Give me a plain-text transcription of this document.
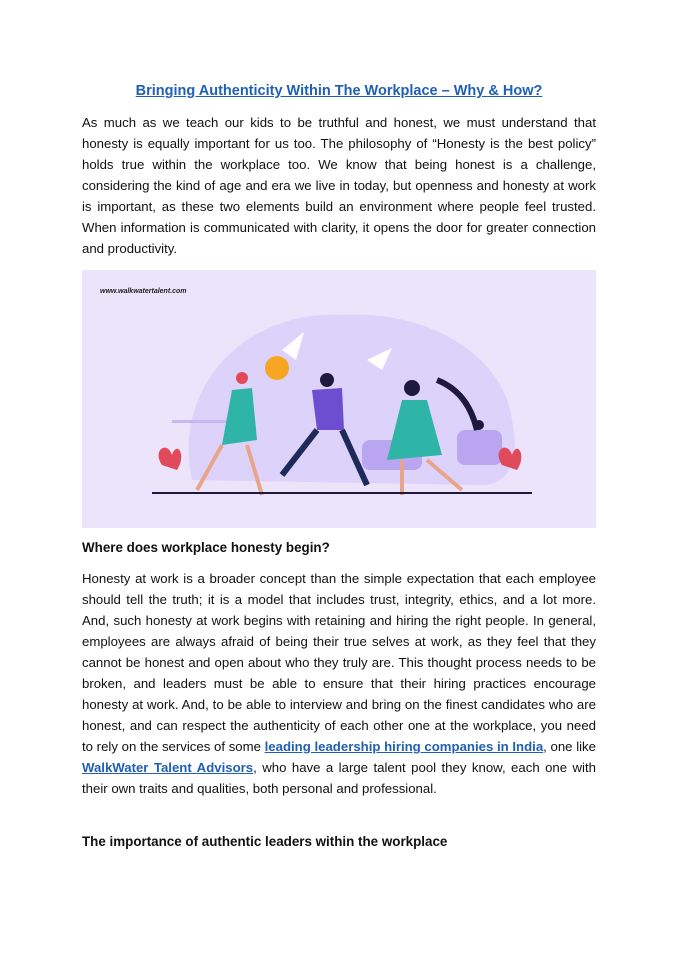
Bringing Authenticity Within The Workplace – Why & How?
As much as we teach our kids to be truthful and honest, we must understand that honesty is equally important for us too. The philosophy of “Honesty is the best policy” holds true within the workplace too. We know that being honest is a challenge, considering the kind of age and era we live in today, but openness and honesty at work is important, as these two elements build an environment where people feel trusted. When information is communicated with clarity, it opens the door for greater connection and productivity.
www.walkwatertalent.com
Where does workplace honesty begin?
Honesty at work is a broader concept than the simple expectation that each employee should tell the truth; it is a model that includes trust, integrity, ethics, and a lot more. And, such honesty at work begins with retaining and hiring the right people. In general, employees are always afraid of being their true selves at work, as they feel that they cannot be honest and open about who they truly are. This thought process needs to be broken, and leaders must be able to ensure that their hiring practices encourage honesty at work. And, to be able to interview and bring on the finest candidates who are honest, and can respect the authenticity of each other one at the workplace, you need to rely on the services of some leading leadership hiring companies in India, one like WalkWater Talent Advisors, who have a large talent pool they know, each one with their own traits and qualities, both personal and professional.
The importance of authentic leaders within the workplace
